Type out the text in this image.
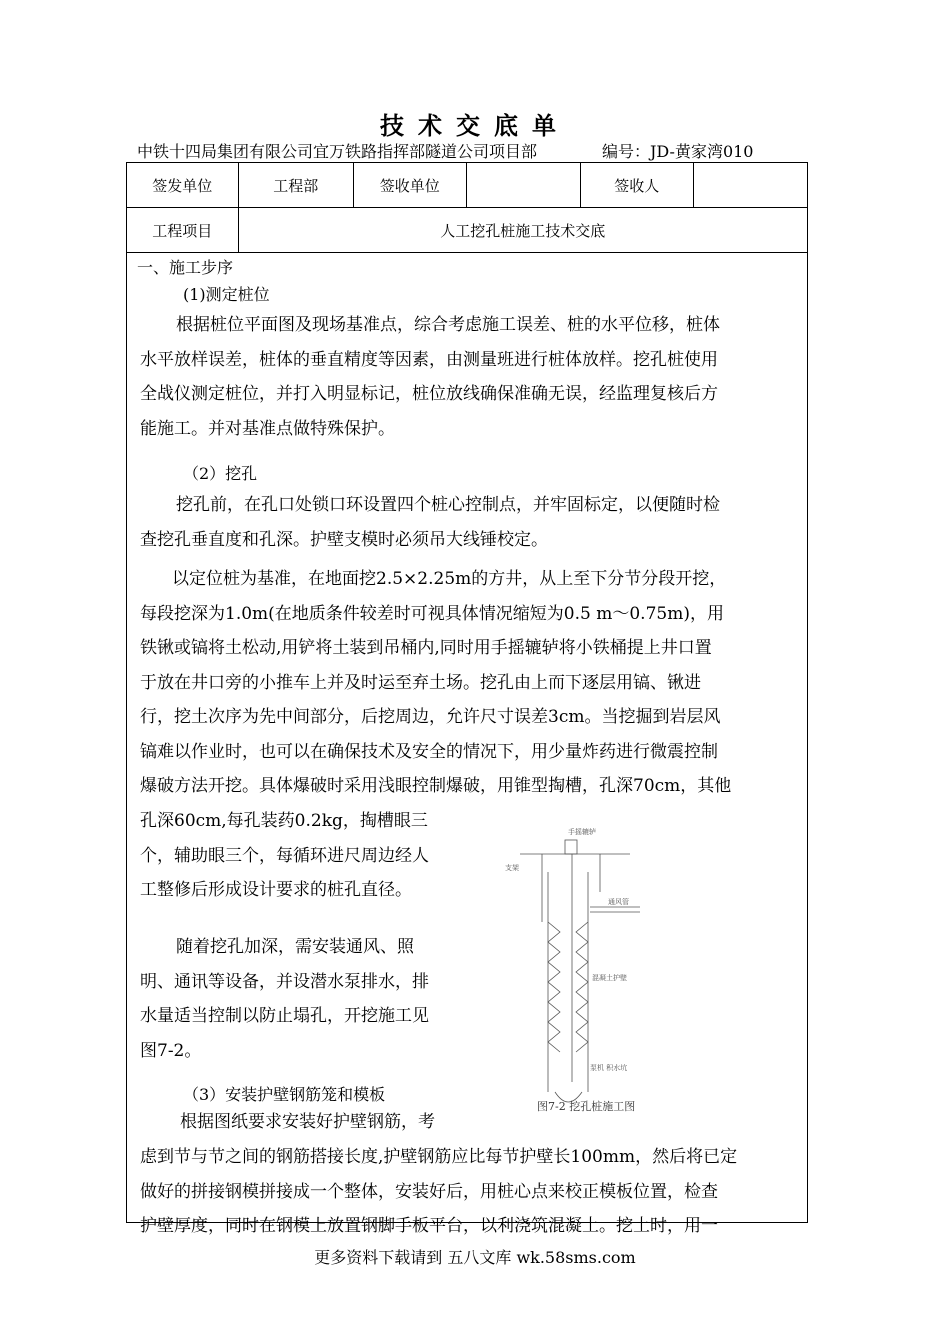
技术交底单
中铁十四局集团有限公司宜万铁路指挥部隧道公司项目部	编号：JD-黄家湾010
签发单位	工程部	签收单位		签收人	
工程项目	人工挖孔桩施工技术交底				
一、施工步序
(1)测定桩位

根据桩位平面图及现场基准点，综合考虑施工误差、桩的水平位移，桩体
水平放样误差，桩体的垂直精度等因素，由测量班进行桩体放样。挖孔桩使用
全战仪测定桩位，并打入明显标记，桩位放线确保准确无误，经监理复核后方
能施工。并对基准点做特殊保护。

（2）挖孔

挖孔前，在孔口处锁口环设置四个桩心控制点，并牢固标定，以便随时检
查挖孔垂直度和孔深。护壁支模时必须吊大线锤校定。

以定位桩为基准，在地面挖2.5×2.25m的方井，从上至下分节分段开挖，
每段挖深为1.0m(在地质条件较差时可视具体情况缩短为0.5 m～0.75m)，用
铁锹或镐将土松动,用铲将土装到吊桶内,同时用手摇辘轳将小铁桶提上井口置
于放在井口旁的小推车上并及时运至弃土场。挖孔由上而下逐层用镐、锹进
行，挖土次序为先中间部分，后挖周边，允许尺寸误差3cm。当挖掘到岩层风
镐难以作业时，也可以在确保技术及安全的情况下，用少量炸药进行微震控制
爆破方法开挖。具体爆破时采用浅眼控制爆破，用锥型掏槽，孔深70cm，其他

孔深60cm,每孔装药0.2kg，掏槽眼三
个，辅助眼三个，每循环进尺周边经人
工整修后形成设计要求的桩孔直径。

随着挖孔加深，需安装通风、照
明、通讯等设备，并设潜水泵排水，排
水量适当控制以防止塌孔，开挖施工见
图7-2。

（3）安装护壁钢筋笼和模板

根据图纸要求安装好护壁钢筋，考

虑到节与节之间的钢筋搭接长度,护壁钢筋应比每节护壁长100mm，然后将已定
做好的拼接钢模拼接成一个整体，安装好后，用桩心点来校正模板位置，检查
护壁厚度，同时在钢模上放置钢脚手板平台，以利浇筑混凝土。挖土时，用一

手摇辘轳
支架
通风管
混凝土护壁
泵机 积水坑
图7-2 挖孔桩施工图
更多资料下载请到 五八文库 wk.58sms.com
